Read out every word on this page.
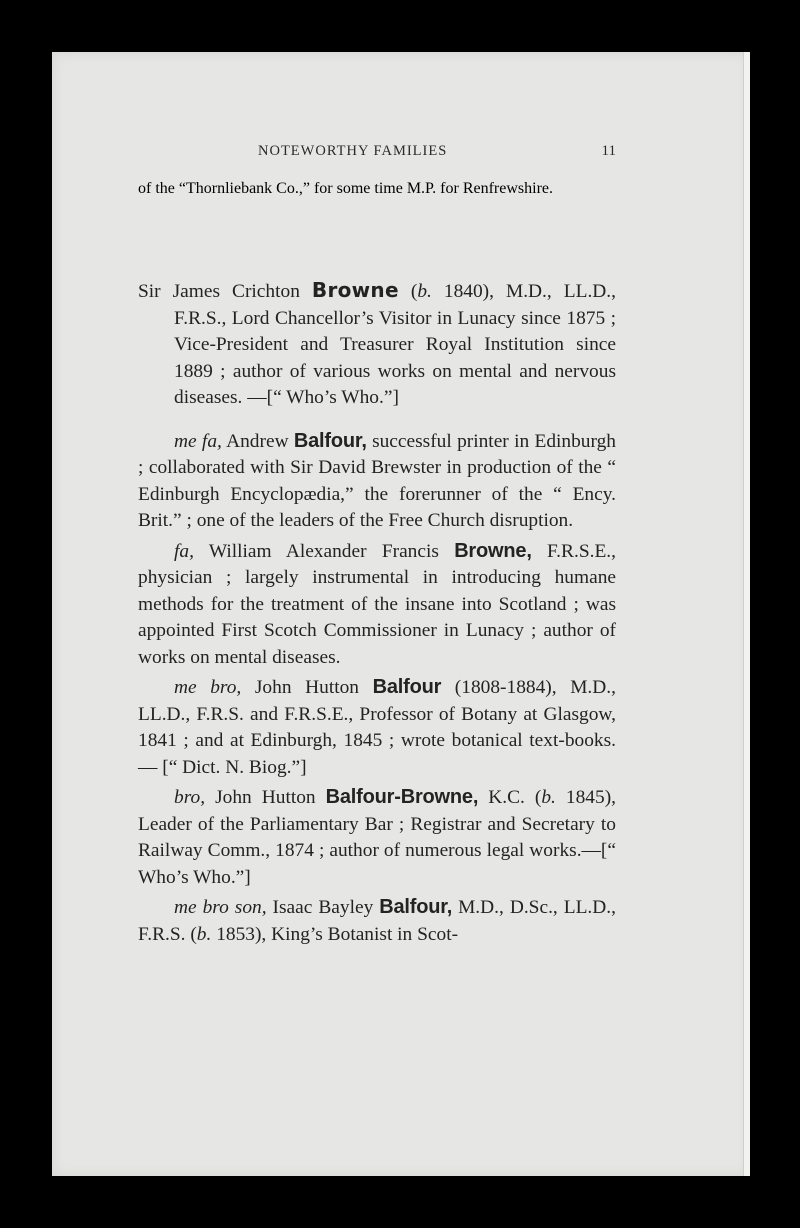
NOTEWORTHY FAMILIES	11

of the “Thornliebank Co.,” for some time M.P. for Renfrewshire.

Sir James Crichton Browne (b. 1840), M.D., LL.D., F.R.S., Lord Chancellor’s Visitor in Lunacy since 1875 ; Vice-President and Treasurer Royal Institution since 1889 ; author of various works on mental and nervous diseases. —[“ Who’s Who.”]

me fa, Andrew Balfour, successful printer in Edinburgh ; collaborated with Sir David Brewster in production of the “ Edinburgh Encyclopædia,” the forerunner of the “ Ency. Brit.” ; one of the leaders of the Free Church disruption.

fa, William Alexander Francis Browne, F.R.S.E., physician ; largely instrumental in introducing humane methods for the treatment of the insane into Scotland ; was appointed First Scotch Commissioner in Lunacy ; author of works on mental diseases.

me bro, John Hutton Balfour (1808-1884), M.D., LL.D., F.R.S. and F.R.S.E., Professor of Botany at Glasgow, 1841 ; and at Edinburgh, 1845 ; wrote botanical text-books. — [“ Dict. N. Biog.”]

bro, John Hutton Balfour-Browne, K.C. (b. 1845), Leader of the Parliamentary Bar ; Registrar and Secretary to Railway Comm., 1874 ; author of numerous legal works.—[“ Who’s Who.”]

me bro son, Isaac Bayley Balfour, M.D., D.Sc., LL.D., F.R.S. (b. 1853), King’s Botanist in Scot-
